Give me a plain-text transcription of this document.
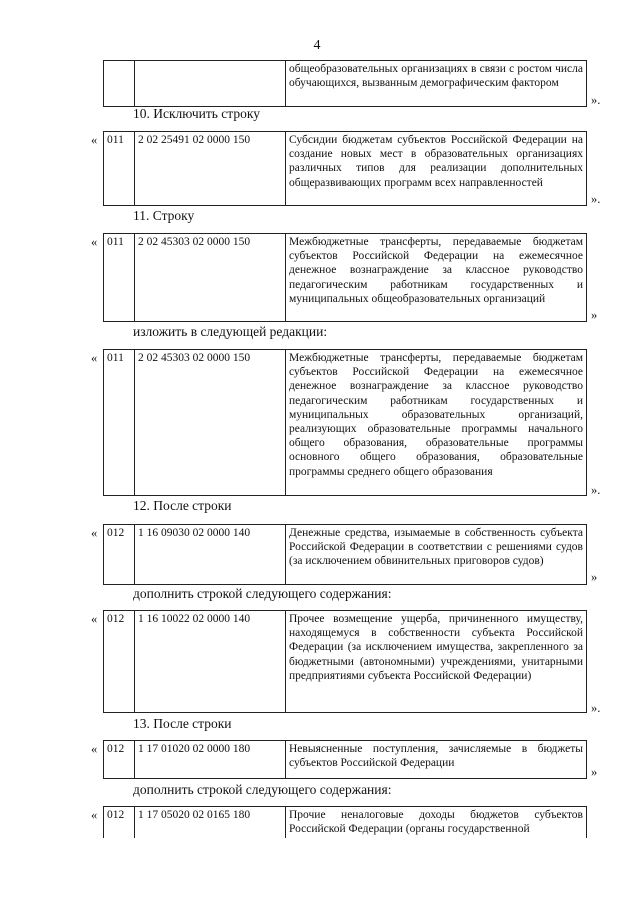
4
		общеобразовательных организациях в связи с ростом числа обучающихся, вызванным демографическим фактором
».
10. Исключить строку
« 011	2 02 25491 02 0000 150	Субсидии бюджетам субъектов Российской Федерации на создание новых мест в образовательных организациях различных типов для реализации дополнительных общеразвивающих программ всех направленностей
».
11. Строку
« 011	2 02 45303 02 0000 150	Межбюджетные трансферты, передаваемые бюджетам субъектов Российской Федерации на ежемесячное денежное вознаграждение за классное руководство педагогическим работникам государственных и муниципальных общеобразовательных организаций
»
изложить в следующей редакции:
« 011	2 02 45303 02 0000 150	Межбюджетные трансферты, передаваемые бюджетам субъектов Российской Федерации на ежемесячное денежное вознаграждение за классное руководство педагогическим работникам государственных и муниципальных образовательных организаций, реализующих образовательные программы начального общего образования, образовательные программы основного общего образования, образовательные программы среднего общего образования
».
12. После строки
« 012	1 16 09030 02 0000 140	Денежные средства, изымаемые в собственность субъекта Российской Федерации в соответствии с решениями судов (за исключением обвинительных приговоров судов)
»
дополнить строкой следующего содержания:
« 012	1 16 10022 02 0000 140	Прочее возмещение ущерба, причиненного имуществу, находящемуся в собственности субъекта Российской Федерации (за исключением имущества, закрепленного за бюджетными (автономными) учреждениями, унитарными предприятиями субъекта Российской Федерации)
».
13. После строки
« 012	1 17 01020 02 0000 180	Невыясненные поступления, зачисляемые в бюджеты субъектов Российской Федерации
»
дополнить строкой следующего содержания:
« 012	1 17 05020 02 0165 180	Прочие неналоговые доходы бюджетов субъектов Российской Федерации (органы государственной
